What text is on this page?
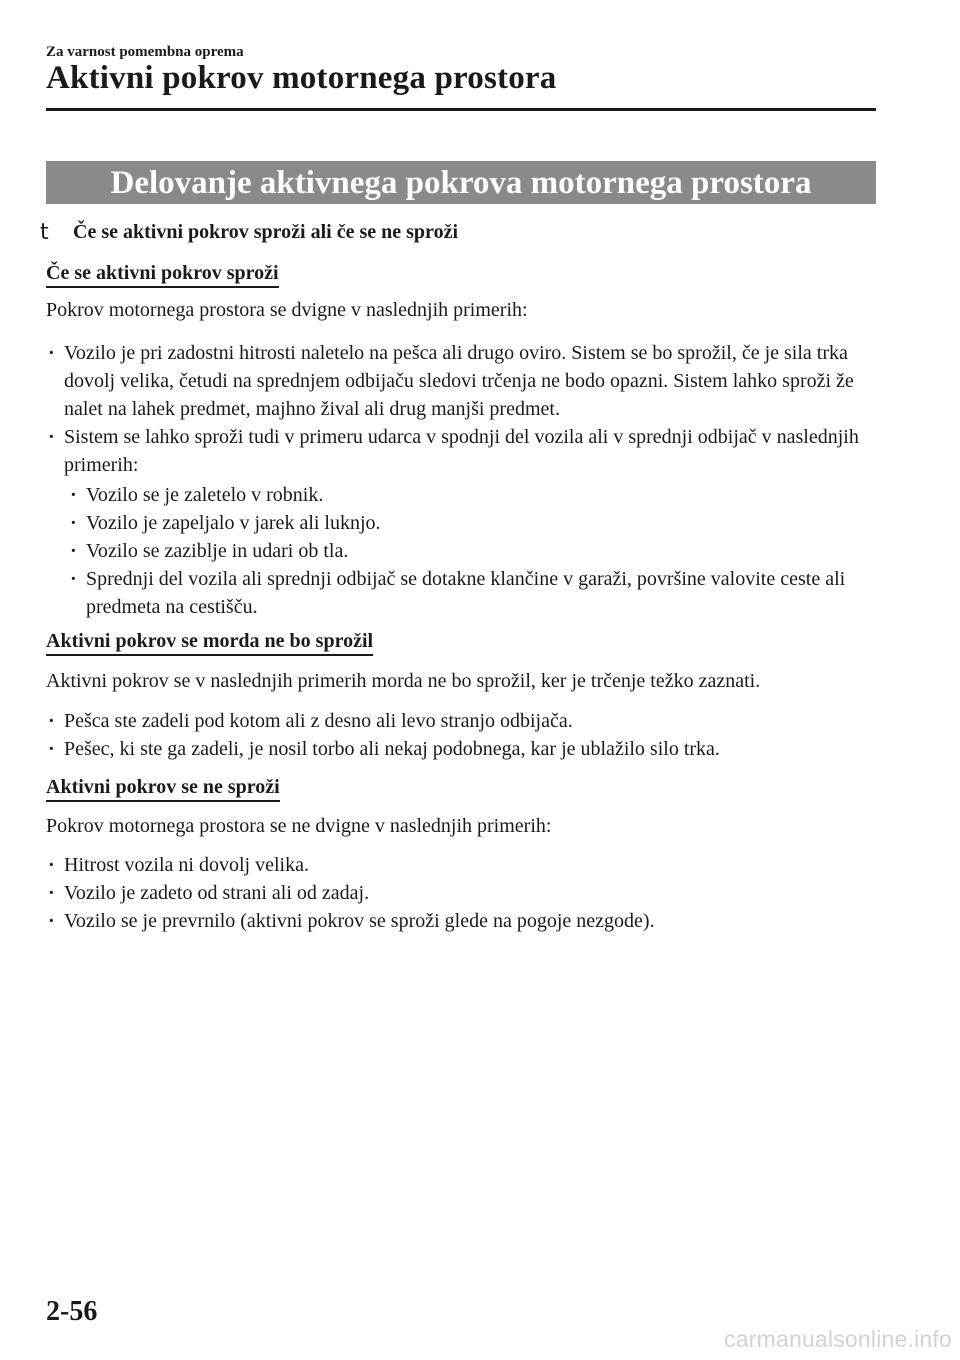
Za varnost pomembna oprema
Aktivni pokrov motornega prostora
Delovanje aktivnega pokrova motornega prostora
t Če se aktivni pokrov sproži ali če se ne sproži
Če se aktivni pokrov sproži
Pokrov motornega prostora se dvigne v naslednjih primerih:
· Vozilo je pri zadostni hitrosti naletelo na pešca ali drugo oviro. Sistem se bo sprožil, če je sila trka dovolj velika, četudi na sprednjem odbijaču sledovi trčenja ne bodo opazni. Sistem lahko sproži že nalet na lahek predmet, majhno žival ali drug manjši predmet.
· Sistem se lahko sproži tudi v primeru udarca v spodnji del vozila ali v sprednji odbijač v naslednjih primerih:
· Vozilo se je zaletelo v robnik.
· Vozilo je zapeljalo v jarek ali luknjo.
· Vozilo se zaziblje in udari ob tla.
· Sprednji del vozila ali sprednji odbijač se dotakne klančine v garaži, površine valovite ceste ali predmeta na cestišču.
Aktivni pokrov se morda ne bo sprožil
Aktivni pokrov se v naslednjih primerih morda ne bo sprožil, ker je trčenje težko zaznati.
· Pešca ste zadeli pod kotom ali z desno ali levo stranjo odbijača.
· Pešec, ki ste ga zadeli, je nosil torbo ali nekaj podobnega, kar je ublažilo silo trka.
Aktivni pokrov se ne sproži
Pokrov motornega prostora se ne dvigne v naslednjih primerih:
· Hitrost vozila ni dovolj velika.
· Vozilo je zadeto od strani ali od zadaj.
· Vozilo se je prevrnilo (aktivni pokrov se sproži glede na pogoje nezgode).
2-56
carmanualsonline.info
